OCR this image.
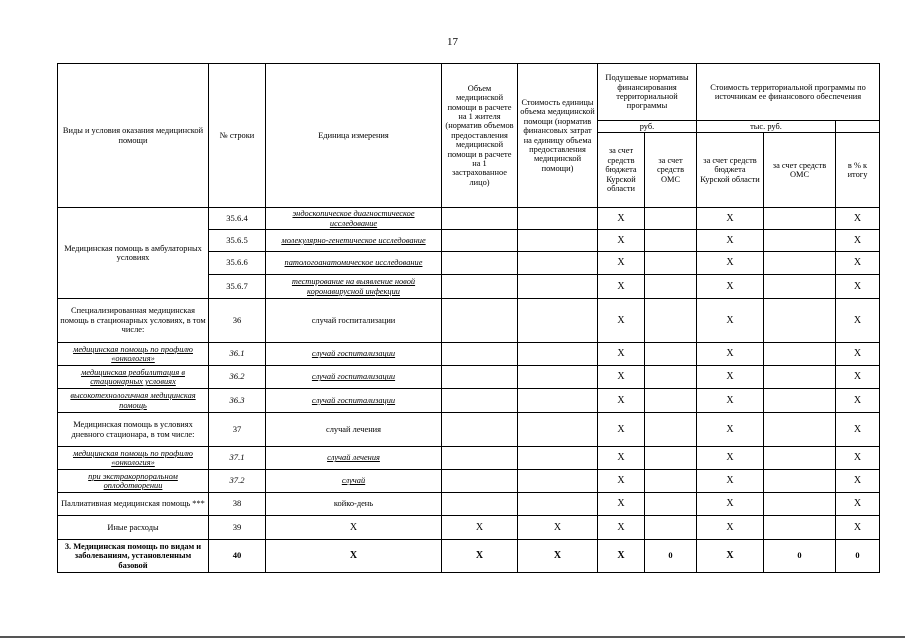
17
Виды и условия оказания медицинской помощи	№ строки	Единица измерения	Объем медицинской помощи в расчете на 1 жителя (норматив объемов предоставления медицинской помощи в расчете на 1 застрахованное лицо)	Стоимость единицы объема медицинской помощи (норматив финансовых затрат на единицу объема предоставления медицинской помощи)	Подушевые нормативы финансирования территориальной программы		Стоимость территориальной программы по источникам ее финансового обеспечения		
					руб.		тыс. руб.		
					за счет средств бюджета Курской области	за счет средств ОМС	за счет средств бюджета Курской области	за счет средств ОМС	в % к итогу
Медицинская помощь в амбулаторных условиях	35.6.4	эндоскопическое диагностическое исследование			Х		Х		Х
	35.6.5	молекулярно-генетическое исследование			Х		Х		Х
	35.6.6	патологоанатомическое исследование			Х		Х		Х
	35.6.7	тестирование на выявление новой коронавирусной инфекции			Х		Х		Х
Специализированная медицинская помощь в стационарных условиях, в том числе:	36	случай госпитализации			Х		Х		Х
медицинская помощь по профилю «онкология»	36.1	случай госпитализации			Х		Х		Х
медицинская реабилитация в стационарных условиях	36.2	случай госпитализации			Х		Х		Х
высокотехнологичная медицинская помощь	36.3	случай госпитализации			Х		Х		Х
Медицинская помощь в условиях дневного стационара, в том числе:	37	случай лечения			Х		Х		Х
медицинская помощь по профилю «онкология»	37.1	случай лечения			Х		Х		Х
при экстракорпоральном оплодотворении	37.2	случай			Х		Х		Х
Паллиативная медицинская помощь ***	38	койко-день			Х		Х		Х
Иные расходы	39	Х	Х	Х	Х		Х		Х
3. Медицинская помощь по видам и заболеваниям, установленным базовой	40	Х	Х	Х	Х	0	Х	0	0
